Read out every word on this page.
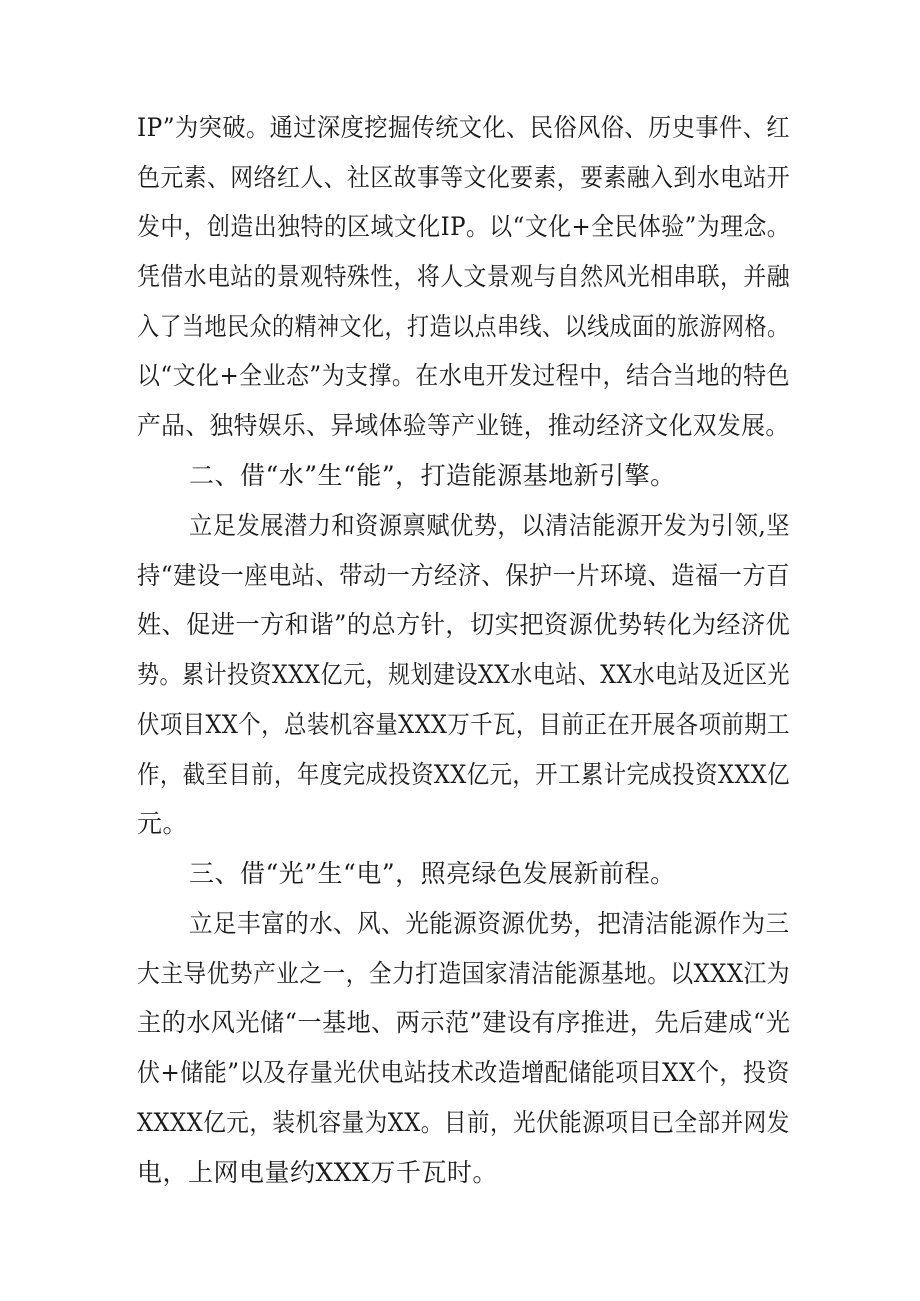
IP”为突破。通过深度挖掘传统文化、民俗风俗、历史事件、红
色元素、网络红人、社区故事等文化要素，要素融入到水电站开
发中，创造出独特的区域文化IP。以“文化+全民体验”为理念。
凭借水电站的景观特殊性，将人文景观与自然风光相串联，并融
入了当地民众的精神文化，打造以点串线、以线成面的旅游网格。
以“文化+全业态”为支撑。在水电开发过程中，结合当地的特色
产品、独特娱乐、异域体验等产业链，推动经济文化双发展。
二、借“水”生“能”，打造能源基地新引擎。
立足发展潜力和资源禀赋优势，以清洁能源开发为引领,坚
持“建设一座电站、带动一方经济、保护一片环境、造福一方百
姓、促进一方和谐”的总方针，切实把资源优势转化为经济优
势。累计投资XXX亿元，规划建设XX水电站、XX水电站及近区光
伏项目XX个，总装机容量XXX万千瓦，目前正在开展各项前期工
作，截至目前，年度完成投资XX亿元，开工累计完成投资XXX亿
元。
三、借“光”生“电”，照亮绿色发展新前程。
立足丰富的水、风、光能源资源优势，把清洁能源作为三
大主导优势产业之一，全力打造国家清洁能源基地。以XXX江为
主的水风光储“一基地、两示范”建设有序推进，先后建成“光
伏+储能”以及存量光伏电站技术改造增配储能项目XX个，投资
XXXX亿元，装机容量为XX。目前，光伏能源项目已全部并网发
电，上网电量约XXX万千瓦时。
